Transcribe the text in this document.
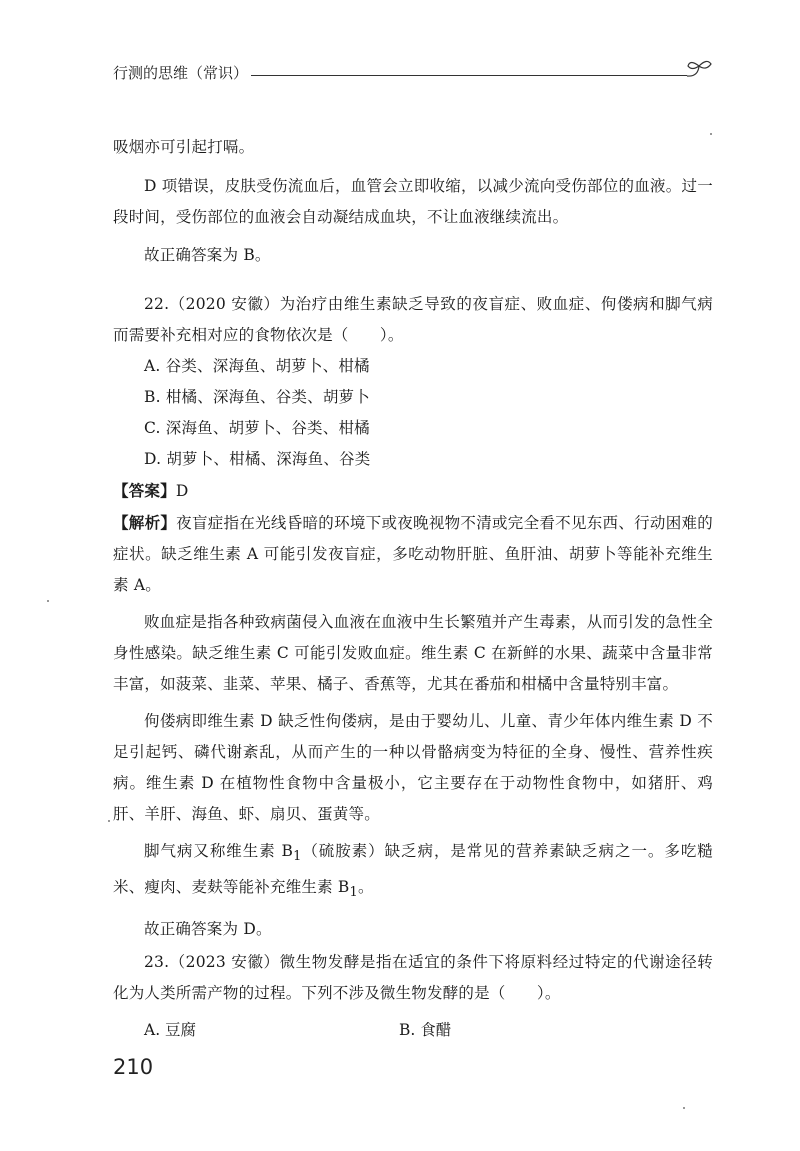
行测的思维（常识）

吸烟亦可引起打嗝。

D 项错误，皮肤受伤流血后，血管会立即收缩，以减少流向受伤部位的血液。过一段时间，受伤部位的血液会自动凝结成血块，不让血液继续流出。

故正确答案为 B。

22.（2020 安徽）为治疗由维生素缺乏导致的夜盲症、败血症、佝偻病和脚气病而需要补充相对应的食物依次是（　　）。

A. 谷类、深海鱼、胡萝卜、柑橘

B. 柑橘、深海鱼、谷类、胡萝卜

C. 深海鱼、胡萝卜、谷类、柑橘

D. 胡萝卜、柑橘、深海鱼、谷类

【答案】D

【解析】夜盲症指在光线昏暗的环境下或夜晚视物不清或完全看不见东西、行动困难的症状。缺乏维生素 A 可能引发夜盲症，多吃动物肝脏、鱼肝油、胡萝卜等能补充维生素 A。

败血症是指各种致病菌侵入血液在血液中生长繁殖并产生毒素，从而引发的急性全身性感染。缺乏维生素 C 可能引发败血症。维生素 C 在新鲜的水果、蔬菜中含量非常丰富，如菠菜、韭菜、苹果、橘子、香蕉等，尤其在番茄和柑橘中含量特别丰富。

佝偻病即维生素 D 缺乏性佝偻病，是由于婴幼儿、儿童、青少年体内维生素 D 不足引起钙、磷代谢紊乱，从而产生的一种以骨骼病变为特征的全身、慢性、营养性疾病。维生素 D 在植物性食物中含量极小，它主要存在于动物性食物中，如猪肝、鸡肝、羊肝、海鱼、虾、扇贝、蛋黄等。

脚气病又称维生素 $B_1$（硫胺素）缺乏病，是常见的营养素缺乏病之一。多吃糙米、瘦肉、麦麸等能补充维生素 $B_1$。

故正确答案为 D。

23.（2023 安徽）微生物发酵是指在适宜的条件下将原料经过特定的代谢途径转化为人类所需产物的过程。下列不涉及微生物发酵的是（　　）。

A. 豆腐	B. 食醋
210
